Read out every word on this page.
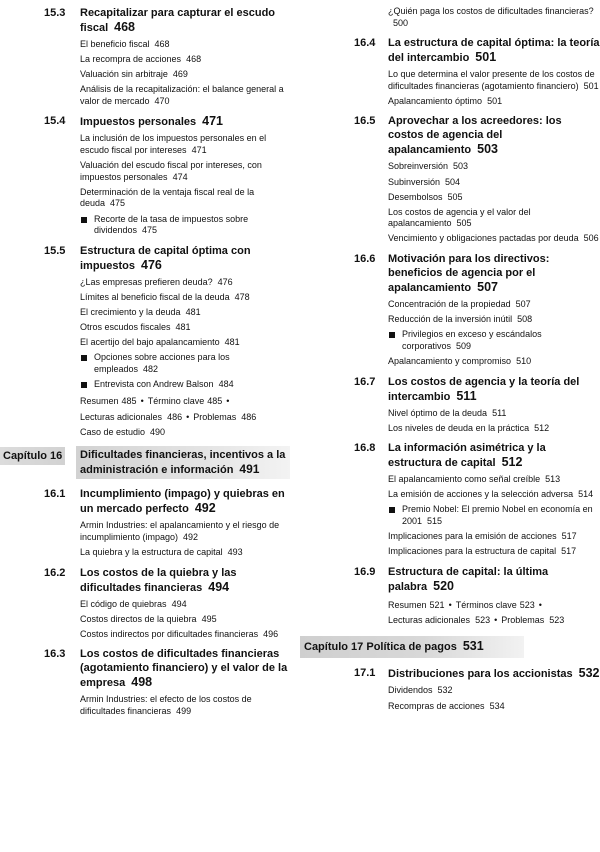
15.3 Recapitalizar para capturar el escudo fiscal 468
El beneficio fiscal 468
La recompra de acciones 468
Valuación sin arbitraje 469
Análisis de la recapitalización: el balance general a valor de mercado 470
15.4 Impuestos personales 471
La inclusión de los impuestos personales en el escudo fiscal por intereses 471
Valuación del escudo fiscal por intereses, con impuestos personales 474
Determinación de la ventaja fiscal real de la deuda 475
Recorte de la tasa de impuestos sobre dividendos 475
15.5 Estructura de capital óptima con impuestos 476
¿Las empresas prefieren deuda? 476
Límites al beneficio fiscal de la deuda 478
El crecimiento y la deuda 481
Otros escudos fiscales 481
El acertijo del bajo apalancamiento 481
Opciones sobre acciones para los empleados 482
Entrevista con Andrew Balson 484
Resumen 485 • Término clave 485 •
Lecturas adicionales 486 • Problemas 486
Caso de estudio 490
Capítulo 16	Dificultades financieras, incentivos a la administración e información 491
16.1 Incumplimiento (impago) y quiebras en un mercado perfecto 492
Armin Industries: el apalancamiento y el riesgo de incumplimiento (impago) 492
La quiebra y la estructura de capital 493
16.2 Los costos de la quiebra y las dificultades financieras 494
El código de quiebras 494
Costos directos de la quiebra 495
Costos indirectos por dificultades financieras 496
16.3 Los costos de dificultades financieras (agotamiento financiero) y el valor de la empresa 498
Armin Industries: el efecto de los costos de dificultades financieras 499
¿Quién paga los costos de dificultades financieras?500
16.4 La estructura de capital óptima: la teoría del intercambio 501
Lo que determina el valor presente de los costos de dificultades financieras (agotamiento financiero) 501
Apalancamiento óptimo 501
16.5 Aprovechar a los acreedores: los costos de agencia del apalancamiento 503
Sobreinversión 503
Subinversión 504
Desembolsos 505
Los costos de agencia y el valor del apalancamiento 505
Vencimiento y obligaciones pactadas por deuda 506
16.6 Motivación para los directivos: beneficios de agencia por el apalancamiento 507
Concentración de la propiedad 507
Reducción de la inversión inútil 508
Privilegios en exceso y escándalos corporativos 509
Apalancamiento y compromiso 510
16.7 Los costos de agencia y la teoría del intercambio 511
Nivel óptimo de la deuda 511
Los niveles de deuda en la práctica 512
16.8 La información asimétrica y la estructura de capital 512
El apalancamiento como señal creíble 513
La emisión de acciones y la selección adversa 514
Premio Nobel: El premio Nobel en economía en 2001 515
Implicaciones para la emisión de acciones 517
Implicaciones para la estructura de capital 517
16.9 Estructura de capital: la última palabra 520
Resumen 521 • Términos clave 523 •
Lecturas adicionales 523 • Problemas 523
Capítulo 17 Política de pagos 531
17.1 Distribuciones para los accionistas 532
Dividendos 532
Recompras de acciones 534
